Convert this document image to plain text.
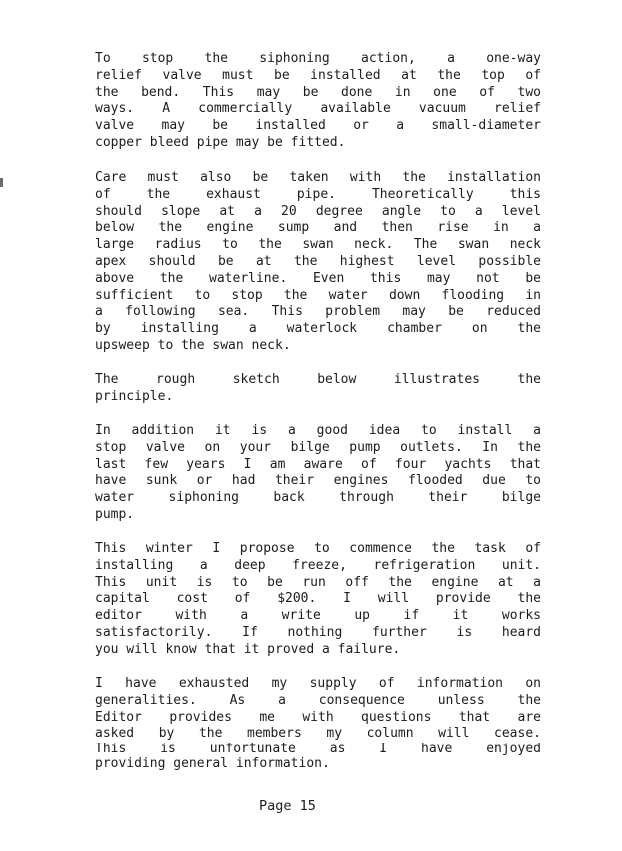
To stop the siphoning action, a one-way
relief valve must be installed at the top of
the bend. This may be done in one of two
ways. A commercially available vacuum relief
valve may be installed or a small-diameter
copper bleed pipe may be fitted.
Care must also be taken with the installation
of the exhaust pipe. Theoretically this
should slope at a 20 degree angle to a level
below the engine sump and then rise in a
large radius to the swan neck. The swan neck
apex should be at the highest level possible
above the waterline. Even this may not be
sufficient to stop the water down flooding in
a following sea. This problem may be reduced
by installing a waterlock chamber on the
upsweep to the swan neck.
The rough sketch below illustrates the
principle.
In addition it is a good idea to install a
stop valve on your bilge pump outlets. In the
last few years I am aware of four yachts that
have sunk or had their engines flooded due to
water siphoning back through their bilge
pump.
This winter I propose to commence the task of
installing a deep freeze, refrigeration unit.
This unit is to be run off the engine at a
capital cost of $200. I will provide the
editor with a write up if it works
satisfactorily. If nothing further is heard
you will know that it proved a failure.
I have exhausted my supply of information on
generalities. As a consequence unless the
Editor provides me with questions that are
asked by the members my column will cease.
This is unfortunate as I have enjoyed
providing general information.
Page 15
